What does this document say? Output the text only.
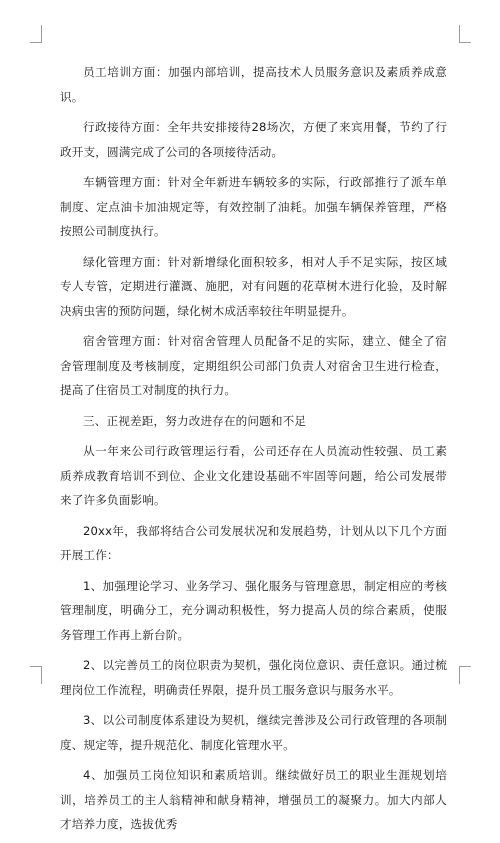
员工培训方面：加强内部培训，提高技术人员服务意识及素质养成意识。

行政接待方面：全年共安排接待28场次，方便了来宾用餐，节约了行政开支，圆满完成了公司的各项接待活动。

车辆管理方面：针对全年新进车辆较多的实际，行政部推行了派车单制度、定点油卡加油规定等，有效控制了油耗。加强车辆保养管理，严格按照公司制度执行。

绿化管理方面：针对新增绿化面积较多，相对人手不足实际，按区域专人专管，定期进行灌溉、施肥，对有问题的花草树木进行化验，及时解决病虫害的预防问题，绿化树木成活率较往年明显提升。

宿舍管理方面：针对宿舍管理人员配备不足的实际，建立、健全了宿舍管理制度及考核制度，定期组织公司部门负责人对宿舍卫生进行检查，提高了住宿员工对制度的执行力。

三、正视差距，努力改进存在的问题和不足

从一年来公司行政管理运行看，公司还存在人员流动性较强、员工素质养成教育培训不到位、企业文化建设基础不牢固等问题，给公司发展带来了许多负面影响。

20xx年，我部将结合公司发展状况和发展趋势，计划从以下几个方面开展工作：

1、加强理论学习、业务学习、强化服务与管理意思，制定相应的考核管理制度，明确分工，充分调动积极性，努力提高人员的综合素质，使服务管理工作再上新台阶。

2、以完善员工的岗位职责为契机，强化岗位意识、责任意识。通过梳理岗位工作流程，明确责任界限，提升员工服务意识与服务水平。

3、以公司制度体系建设为契机，继续完善涉及公司行政管理的各项制度、规定等，提升规范化、制度化管理水平。

4、加强员工岗位知识和素质培训。继续做好员工的职业生涯规划培训，培养员工的主人翁精神和献身精神，增强员工的凝聚力。加大内部人才培养力度，选拔优秀
